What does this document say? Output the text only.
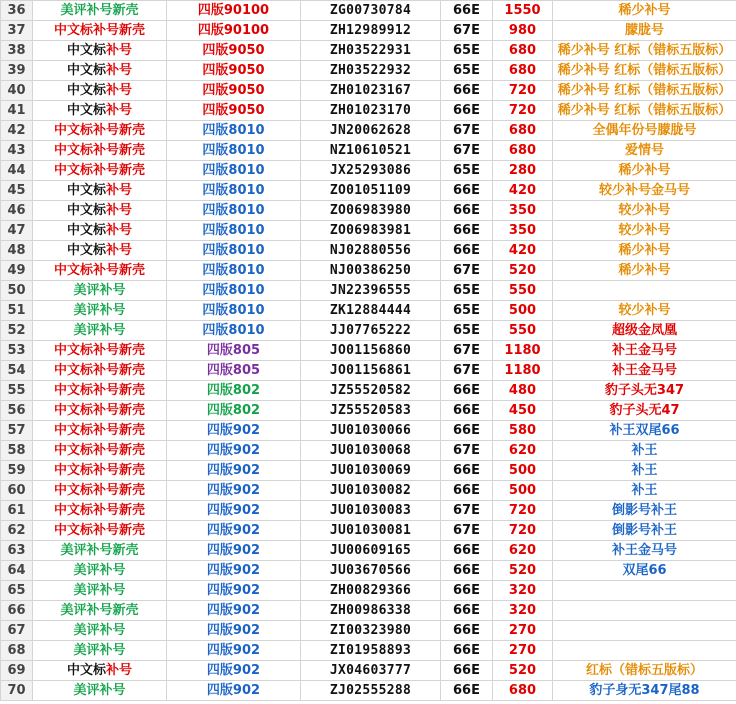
36	美评补号新壳	四版90100	ZG00730784	66E	1550	稀少补号
37	中文标补号新壳	四版90100	ZH12989912	67E	980	朦胧号
38	中文标补号	四版9050	ZH03522931	65E	680	稀少补号 红标（错标五版标）
39	中文标补号	四版9050	ZH03522932	65E	680	稀少补号 红标（错标五版标）
40	中文标补号	四版9050	ZH01023167	66E	720	稀少补号 红标（错标五版标）
41	中文标补号	四版9050	ZH01023170	66E	720	稀少补号 红标（错标五版标）
42	中文标补号新壳	四版8010	JN20062628	67E	680	全偶年份号朦胧号
43	中文标补号新壳	四版8010	NZ10610521	67E	680	爱情号
44	中文标补号新壳	四版8010	JX25293086	65E	280	稀少补号
45	中文标补号	四版8010	ZO01051109	66E	420	较少补号金马号
46	中文标补号	四版8010	ZO06983980	66E	350	较少补号
47	中文标补号	四版8010	ZO06983981	66E	350	较少补号
48	中文标补号	四版8010	NJ02880556	66E	420	稀少补号
49	中文标补号新壳	四版8010	NJ00386250	67E	520	稀少补号
50	美评补号	四版8010	JN22396555	65E	550	
51	美评补号	四版8010	ZK12884444	65E	500	较少补号
52	美评补号	四版8010	JJ07765222	65E	550	超级金凤凰
53	中文标补号新壳	四版805	JO01156860	67E	1180	补王金马号
54	中文标补号新壳	四版805	JO01156861	67E	1180	补王金马号
55	中文标补号新壳	四版802	JZ55520582	66E	480	豹子头无347
56	中文标补号新壳	四版802	JZ55520583	66E	450	豹子头无47
57	中文标补号新壳	四版902	JU01030066	66E	580	补王双尾66
58	中文标补号新壳	四版902	JU01030068	67E	620	补王
59	中文标补号新壳	四版902	JU01030069	66E	500	补王
60	中文标补号新壳	四版902	JU01030082	66E	500	补王
61	中文标补号新壳	四版902	JU01030083	67E	720	倒影号补王
62	中文标补号新壳	四版902	JU01030081	67E	720	倒影号补王
63	美评补号新壳	四版902	JU00609165	66E	620	补王金马号
64	美评补号	四版902	JU03670566	66E	520	双尾66
65	美评补号	四版902	ZH00829366	66E	320	
66	美评补号新壳	四版902	ZH00986338	66E	320	
67	美评补号	四版902	ZI00323980	66E	270	
68	美评补号	四版902	ZI01958893	66E	270	
69	中文标补号	四版902	JX04603777	66E	520	红标（错标五版标）
70	美评补号	四版902	ZJ02555288	66E	680	豹子身无347尾88
